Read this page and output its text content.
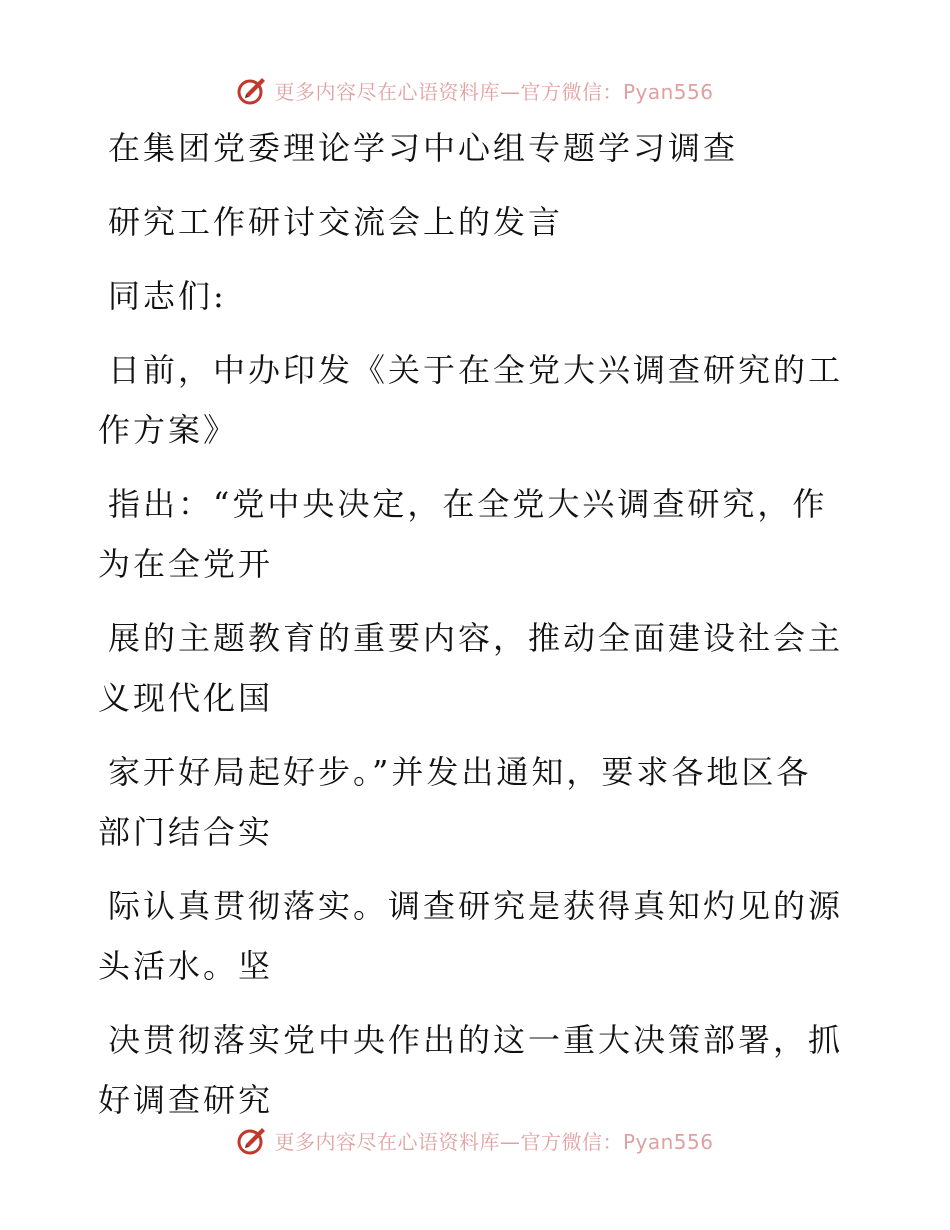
更多内容尽在心语资料库—官方微信：Pyan556

在集团党委理论学习中心组专题学习调查

研究工作研讨交流会上的发言

同志们:

日前，中办印发《关于在全党大兴调查研究的工

作方案》

指出：“党中央决定，在全党大兴调查研究，作

为在全党开

展的主题教育的重要内容，推动全面建设社会主

义现代化国

家开好局起好步。”并发出通知，要求各地区各

部门结合实

际认真贯彻落实。调查研究是获得真知灼见的源

头活水。坚

决贯彻落实党中央作出的这一重大决策部署，抓

好调查研究

更多内容尽在心语资料库—官方微信：Pyan556
